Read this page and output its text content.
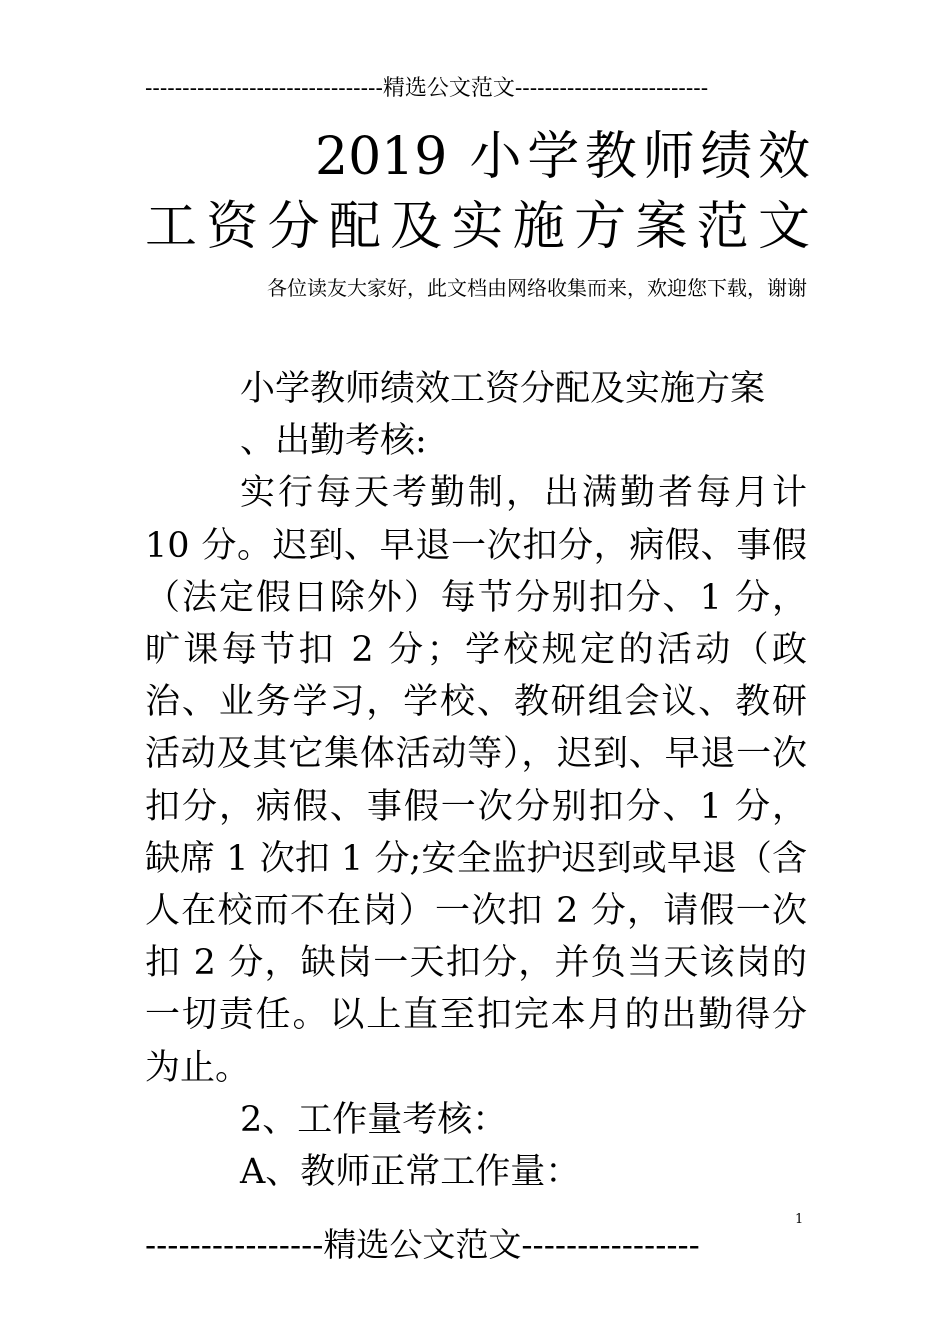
--------------------------------精选公文范文--------------------------
2019 小学教师绩效工资分配及实施方案范文
各位读友大家好，此文档由网络收集而来，欢迎您下载，谢谢

小学教师绩效工资分配及实施方案

、出勤考核:

实行每天考勤制，出满勤者每月计 10 分。迟到、早退一次扣分，病假、事假（法定假日除外）每节分别扣分、1 分，旷课每节扣 2 分；学校规定的活动（政治、业务学习，学校、教研组会议、教研活动及其它集体活动等），迟到、早退一次扣分，病假、事假一次分别扣分、1 分，缺席 1 次扣 1 分;安全监护迟到或早退（含人在校而不在岗）一次扣 2 分，请假一次扣 2 分，缺岗一天扣分，并负当天该岗的一切责任。以上直至扣完本月的出勤得分为止。

2、工作量考核：

A、教师正常工作量：

1
----------------精选公文范文----------------
